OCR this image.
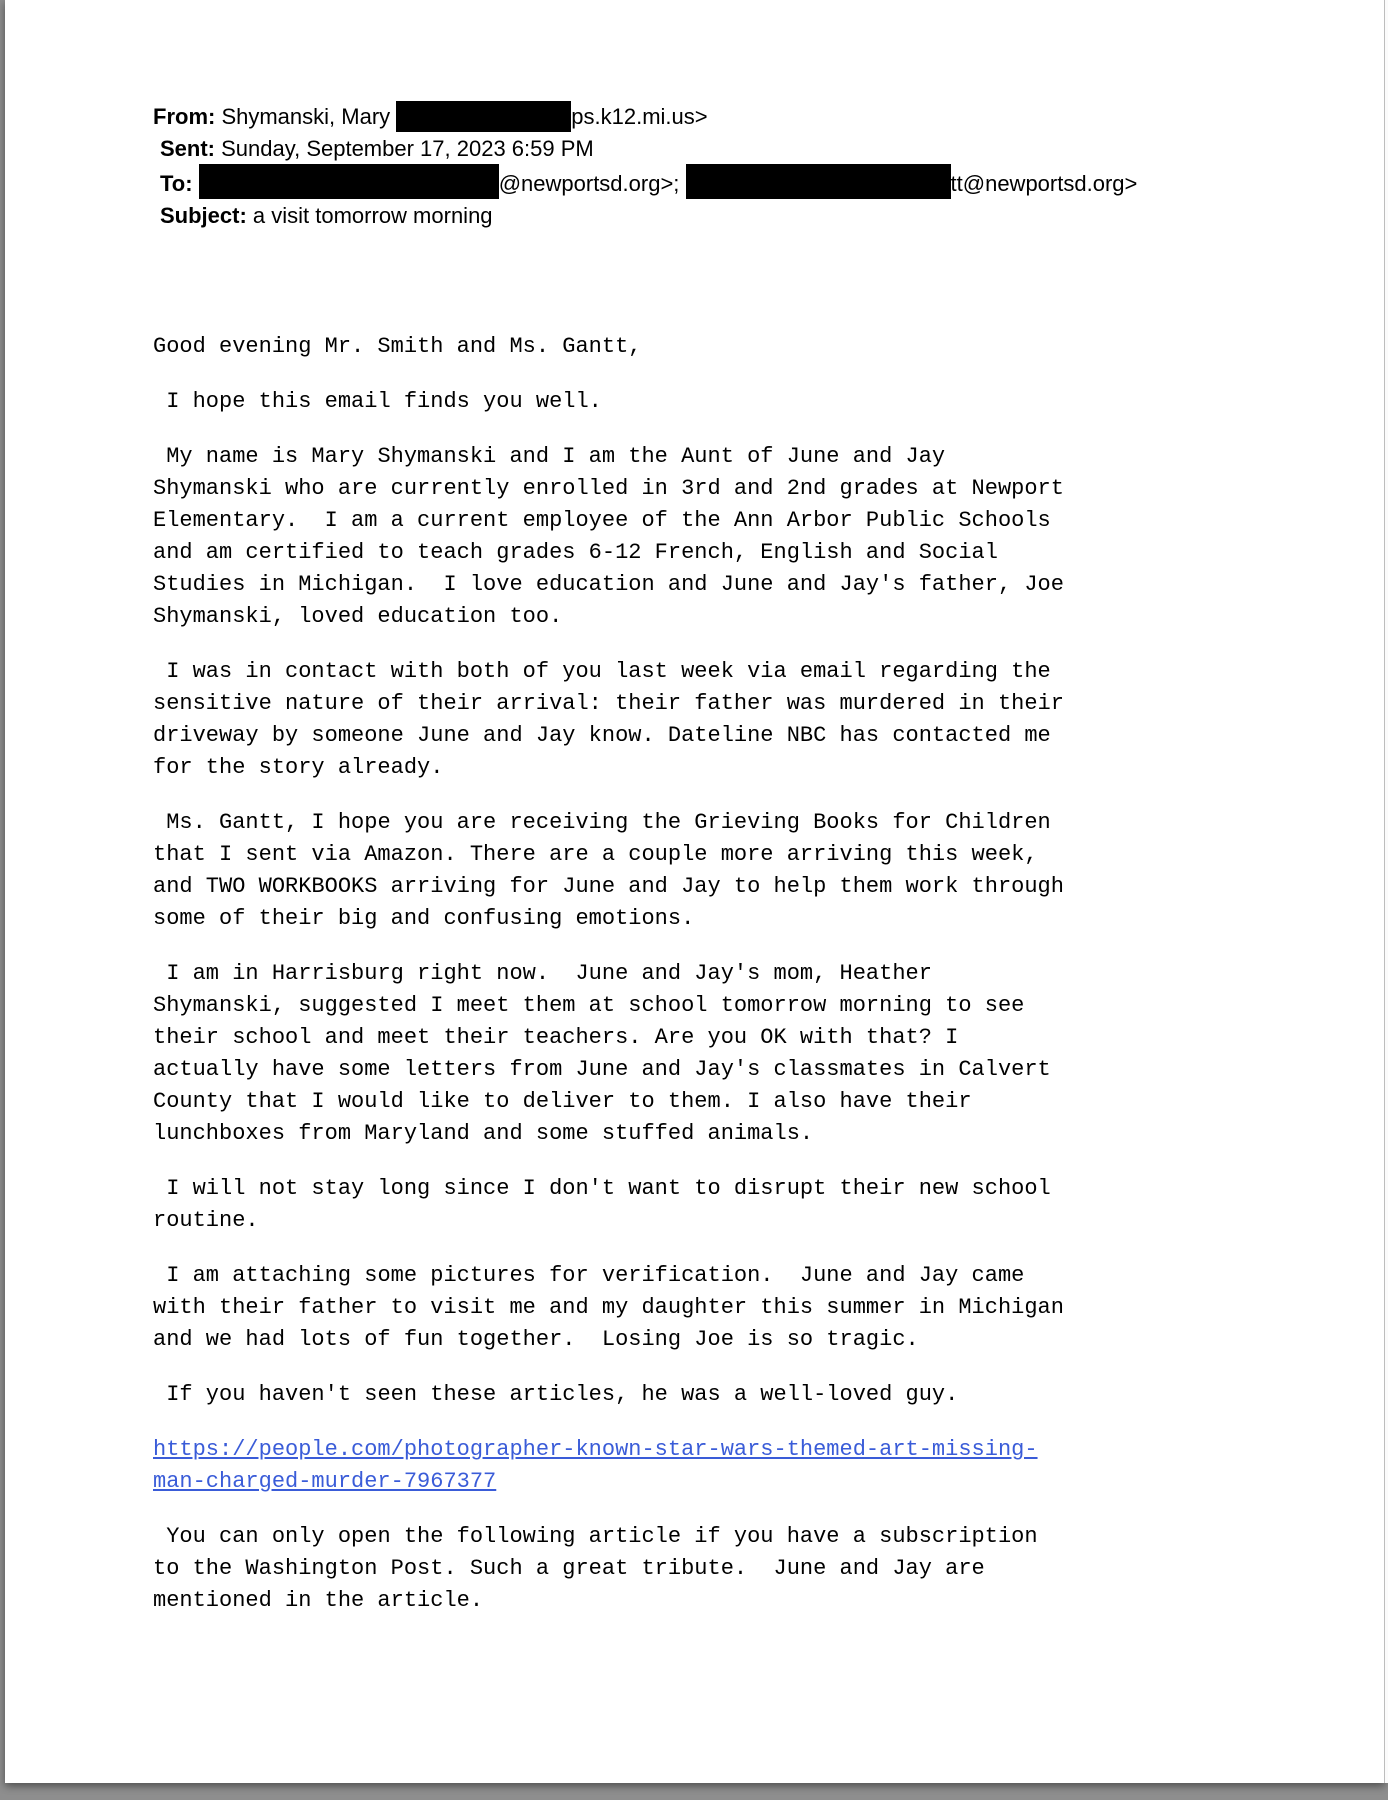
From: Shymanski, Mary	ps.k12.mi.us>
Sent: Sunday, September 17, 2023 6:59 PM
To:	@newportsd.org>;	tt@newportsd.org>
Subject: a visit tomorrow morning

Good evening Mr. Smith and Ms. Gantt,

I hope this email finds you well.

My name is Mary Shymanski and I am the Aunt of June and Jay Shymanski who are currently enrolled in 3rd and 2nd grades at Newport Elementary.  I am a current employee of the Ann Arbor Public Schools and am certified to teach grades 6-12 French, English and Social Studies in Michigan.  I love education and June and Jay's father, Joe Shymanski, loved education too.

I was in contact with both of you last week via email regarding the sensitive nature of their arrival: their father was murdered in their driveway by someone June and Jay know. Dateline NBC has contacted me for the story already.

Ms. Gantt, I hope you are receiving the Grieving Books for Children that I sent via Amazon. There are a couple more arriving this week, and TWO WORKBOOKS arriving for June and Jay to help them work through some of their big and confusing emotions.

I am in Harrisburg right now.  June and Jay's mom, Heather Shymanski, suggested I meet them at school tomorrow morning to see their school and meet their teachers. Are you OK with that? I actually have some letters from June and Jay's classmates in Calvert County that I would like to deliver to them. I also have their lunchboxes from Maryland and some stuffed animals.

I will not stay long since I don't want to disrupt their new school routine.

I am attaching some pictures for verification.  June and Jay came with their father to visit me and my daughter this summer in Michigan and we had lots of fun together.  Losing Joe is so tragic.

If you haven't seen these articles, he was a well-loved guy.

https://people.com/photographer-known-star-wars-themed-art-missing-man-charged-murder-7967377

You can only open the following article if you have a subscription to the Washington Post. Such a great tribute.  June and Jay are mentioned in the article.
